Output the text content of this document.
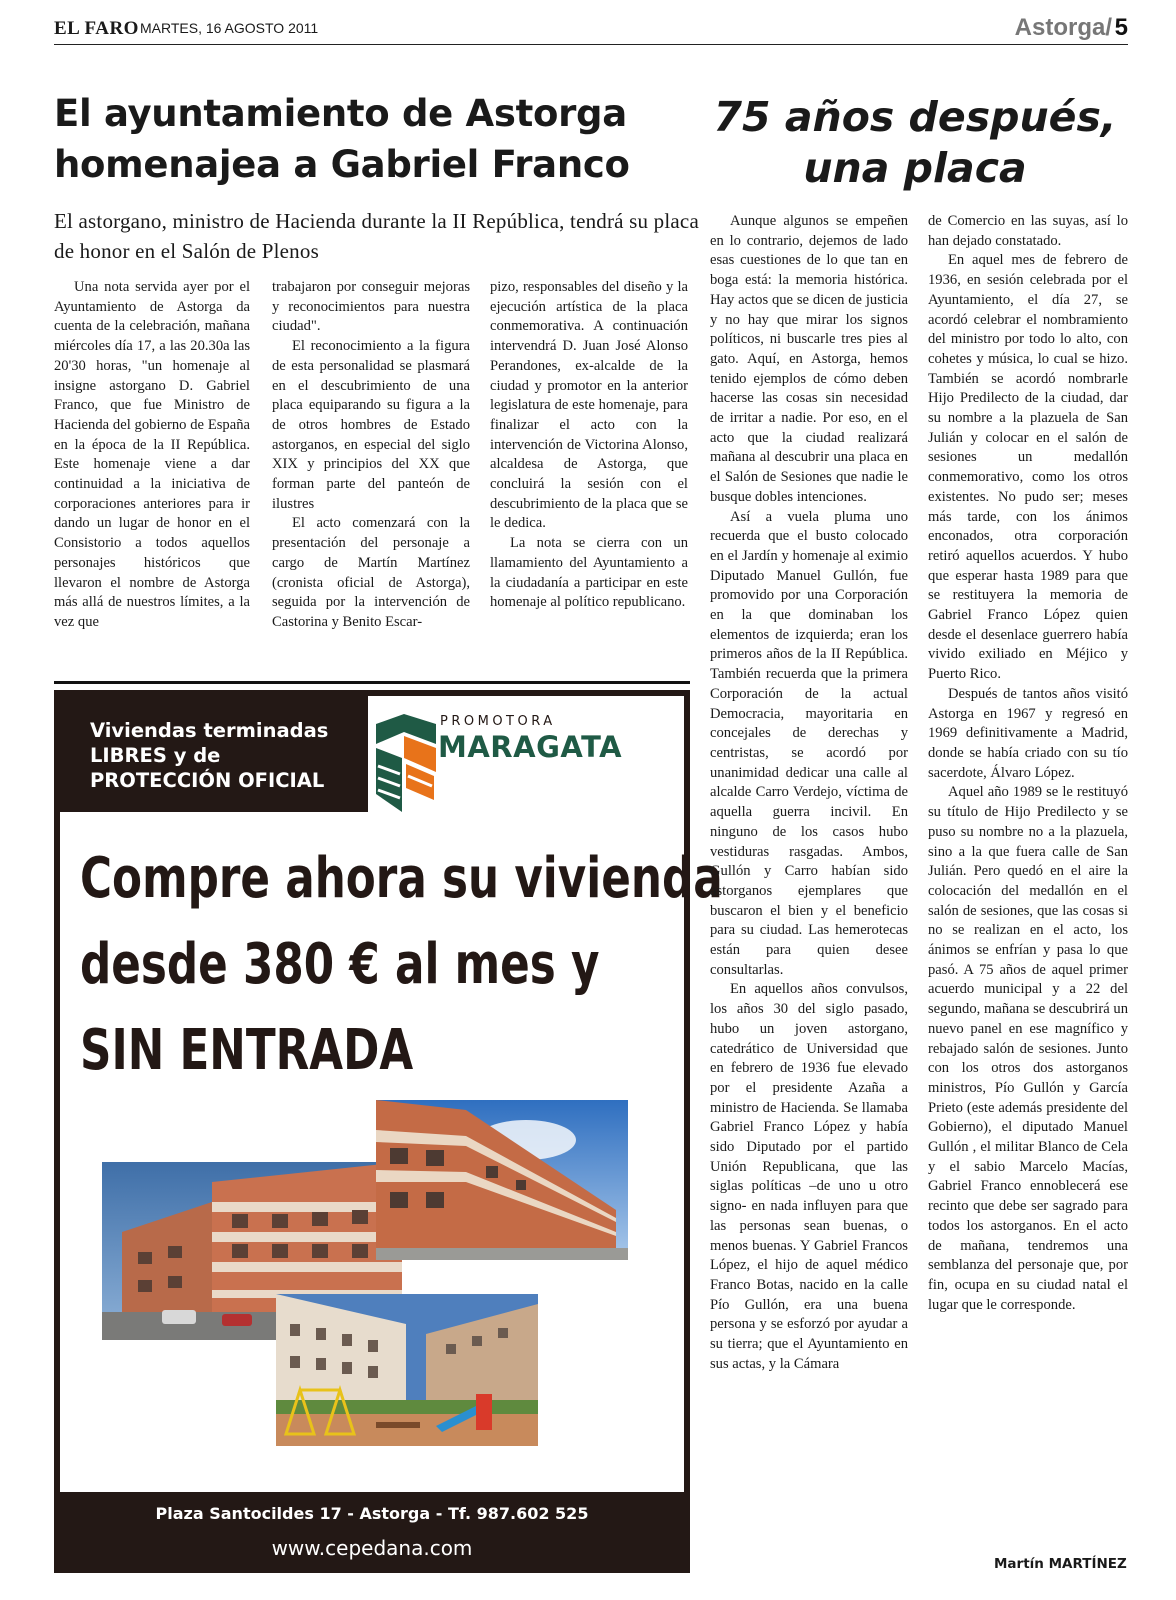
EL FARO MARTES, 16 AGOSTO 2011	Astorga/ 5
El ayuntamiento de Astorga
homenajea a Gabriel Franco

El astorgano, ministro de Hacienda durante la II República, tendrá su placa de honor en el Salón de Plenos

Una nota servida ayer por el Ayuntamiento de Astorga da cuenta de la celebración, mañana miércoles día 17, a las 20.30a las 20'30 horas, "un homenaje al insigne astorgano D. Gabriel Franco, que fue Ministro de Hacienda del gobierno de España en la época de la II República. Este homenaje viene a dar continuidad a la iniciativa de corporaciones anteriores para ir dando un lugar de honor en el Consistorio a todos aquellos personajes históricos que llevaron el nombre de Astorga más allá de nuestros límites, a la vez que

trabajaron por conseguir mejoras y reconocimientos para nuestra ciudad".

El reconocimiento a la figura de esta personalidad se plasmará en el descubrimiento de una placa equiparando su figura a la de otros hombres de Estado astorganos, en especial del siglo XIX y principios del XX que forman parte del panteón de ilustres

El acto comenzará con la presentación del personaje a cargo de Martín Martínez (cronista oficial de Astorga), seguida por la intervención de Castorina y Benito Escar-

pizo, responsables del diseño y la ejecución artística de la placa conmemorativa. A continuación intervendrá D. Juan José Alonso Perandones, ex-alcalde de la ciudad y promotor en la anterior legislatura de este homenaje, para finalizar el acto con la intervención de Victorina Alonso, alcaldesa de Astorga, que concluirá la sesión con el descubrimiento de la placa que se le dedica.

La nota se cierra con un llamamiento del Ayuntamiento a la ciudadanía a participar en este homenaje al político republicano.

Viviendas terminadas
LIBRES y de
PROTECCIÓN OFICIAL

PROMOTORA
MARAGATA
Compre ahora su vivienda
desde 380 € al mes y
SIN ENTRADA
Plaza Santocildes 17 - Astorga - Tf. 987.602 525
www.cepedana.com
75 años después,
una placa

Aunque algunos se empeñen en lo contrario, dejemos de lado esas cuestiones de lo que tan en boga está: la memoria histórica. Hay actos que se dicen de justicia y no hay que mirar los signos políticos, ni buscarle tres pies al gato. Aquí, en Astorga, hemos tenido ejemplos de cómo deben hacerse las cosas sin necesidad de irritar a nadie. Por eso, en el acto que la ciudad realizará mañana al descubrir una placa en el Salón de Sesiones que nadie le busque dobles intenciones.

Así a vuela pluma uno recuerda que el busto colocado en el Jardín y homenaje al eximio Diputado Manuel Gullón, fue promovido por una Corporación en la que dominaban los elementos de izquierda; eran los primeros años de la II República. También recuerda que la primera Corporación de la actual Democracia, mayoritaria en concejales de derechas y centristas, se acordó por unanimidad dedicar una calle al alcalde Carro Verdejo, víctima de aquella guerra incivil. En ninguno de los casos hubo vestiduras rasgadas. Ambos, Gullón y Carro habían sido astorganos ejemplares que buscaron el bien y el beneficio para su ciudad. Las hemerotecas están para quien desee consultarlas.

En aquellos años convulsos, los años 30 del siglo pasado, hubo un joven astorgano, catedrático de Universidad que en febrero de 1936 fue elevado por el presidente Azaña a ministro de Hacienda. Se llamaba Gabriel Franco López y había sido Diputado por el partido Unión Republicana, que las siglas políticas –de uno u otro signo- en nada influyen para que las personas sean buenas, o menos buenas. Y Gabriel Francos López, el hijo de aquel médico Franco Botas, nacido en la calle Pío Gullón, era una buena persona y se esforzó por ayudar a su tierra; que el Ayuntamiento en sus actas, y la Cámara

de Comercio en las suyas, así lo han dejado constatado.

En aquel mes de febrero de 1936, en sesión celebrada por el Ayuntamiento, el día 27, se acordó celebrar el nombramiento del ministro por todo lo alto, con cohetes y música, lo cual se hizo. También se acordó nombrarle Hijo Predilecto de la ciudad, dar su nombre a la plazuela de San Julián y colocar en el salón de sesiones un medallón conmemorativo, como los otros existentes. No pudo ser; meses más tarde, con los ánimos enconados, otra corporación retiró aquellos acuerdos. Y hubo que esperar hasta 1989 para que se restituyera la memoria de Gabriel Franco López quien desde el desenlace guerrero había vivido exiliado en Méjico y Puerto Rico.

Después de tantos años visitó Astorga en 1967 y regresó en 1969 definitivamente a Madrid, donde se había criado con su tío sacerdote, Álvaro López.

Aquel año 1989 se le restituyó su título de Hijo Predilecto y se puso su nombre no a la plazuela, sino a la que fuera calle de San Julián. Pero quedó en el aire la colocación del medallón en el salón de sesiones, que las cosas si no se realizan en el acto, los ánimos se enfrían y pasa lo que pasó. A 75 años de aquel primer acuerdo municipal y a 22 del segundo, mañana se descubrirá un nuevo panel en ese magnífico y rebajado salón de sesiones. Junto con los otros dos astorganos ministros, Pío Gullón y García Prieto (este además presidente del Gobierno), el diputado Manuel Gullón , el militar Blanco de Cela y el sabio Marcelo Macías, Gabriel Franco ennoblecerá ese recinto que debe ser sagrado para todos los astorganos. En el acto de mañana, tendremos una semblanza del personaje que, por fin, ocupa en su ciudad natal el lugar que le corresponde.

Martín MARTÍNEZ
